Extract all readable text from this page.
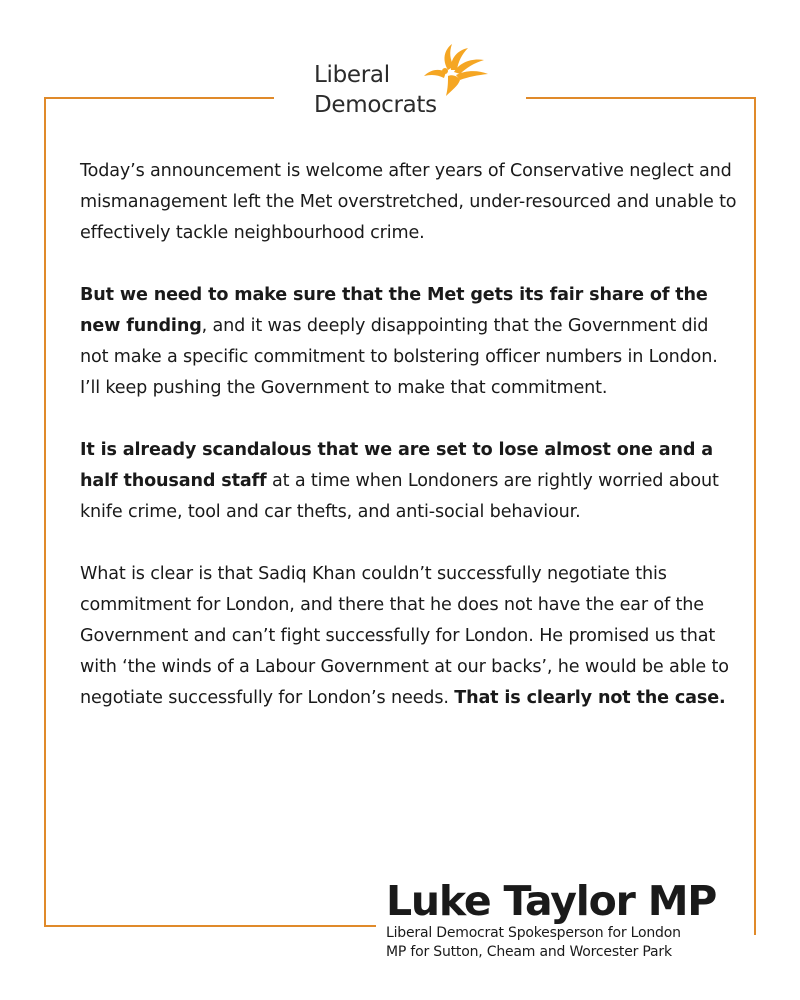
Liberal
Democrats

Today’s announcement is welcome after years of Conservative neglect and mismanagement left the Met overstretched, under-resourced and unable to effectively tackle neighbourhood crime.

But we need to make sure that the Met gets its fair share of the new funding, and it was deeply disappointing that the Government did not make a specific commitment to bolstering officer numbers in London. I’ll keep pushing the Government to make that commitment.

It is already scandalous that we are set to lose almost one and a half thousand staff at a time when Londoners are rightly worried about knife crime, tool and car thefts, and anti-social behaviour.

What is clear is that Sadiq Khan couldn’t successfully negotiate this commitment for London, and there that he does not have the ear of the Government and can’t fight successfully for London. He promised us that with ‘the winds of a Labour Government at our backs’, he would be able to negotiate successfully for London’s needs. That is clearly not the case.

Luke Taylor MP
Liberal Democrat Spokesperson for London
MP for Sutton, Cheam and Worcester Park
